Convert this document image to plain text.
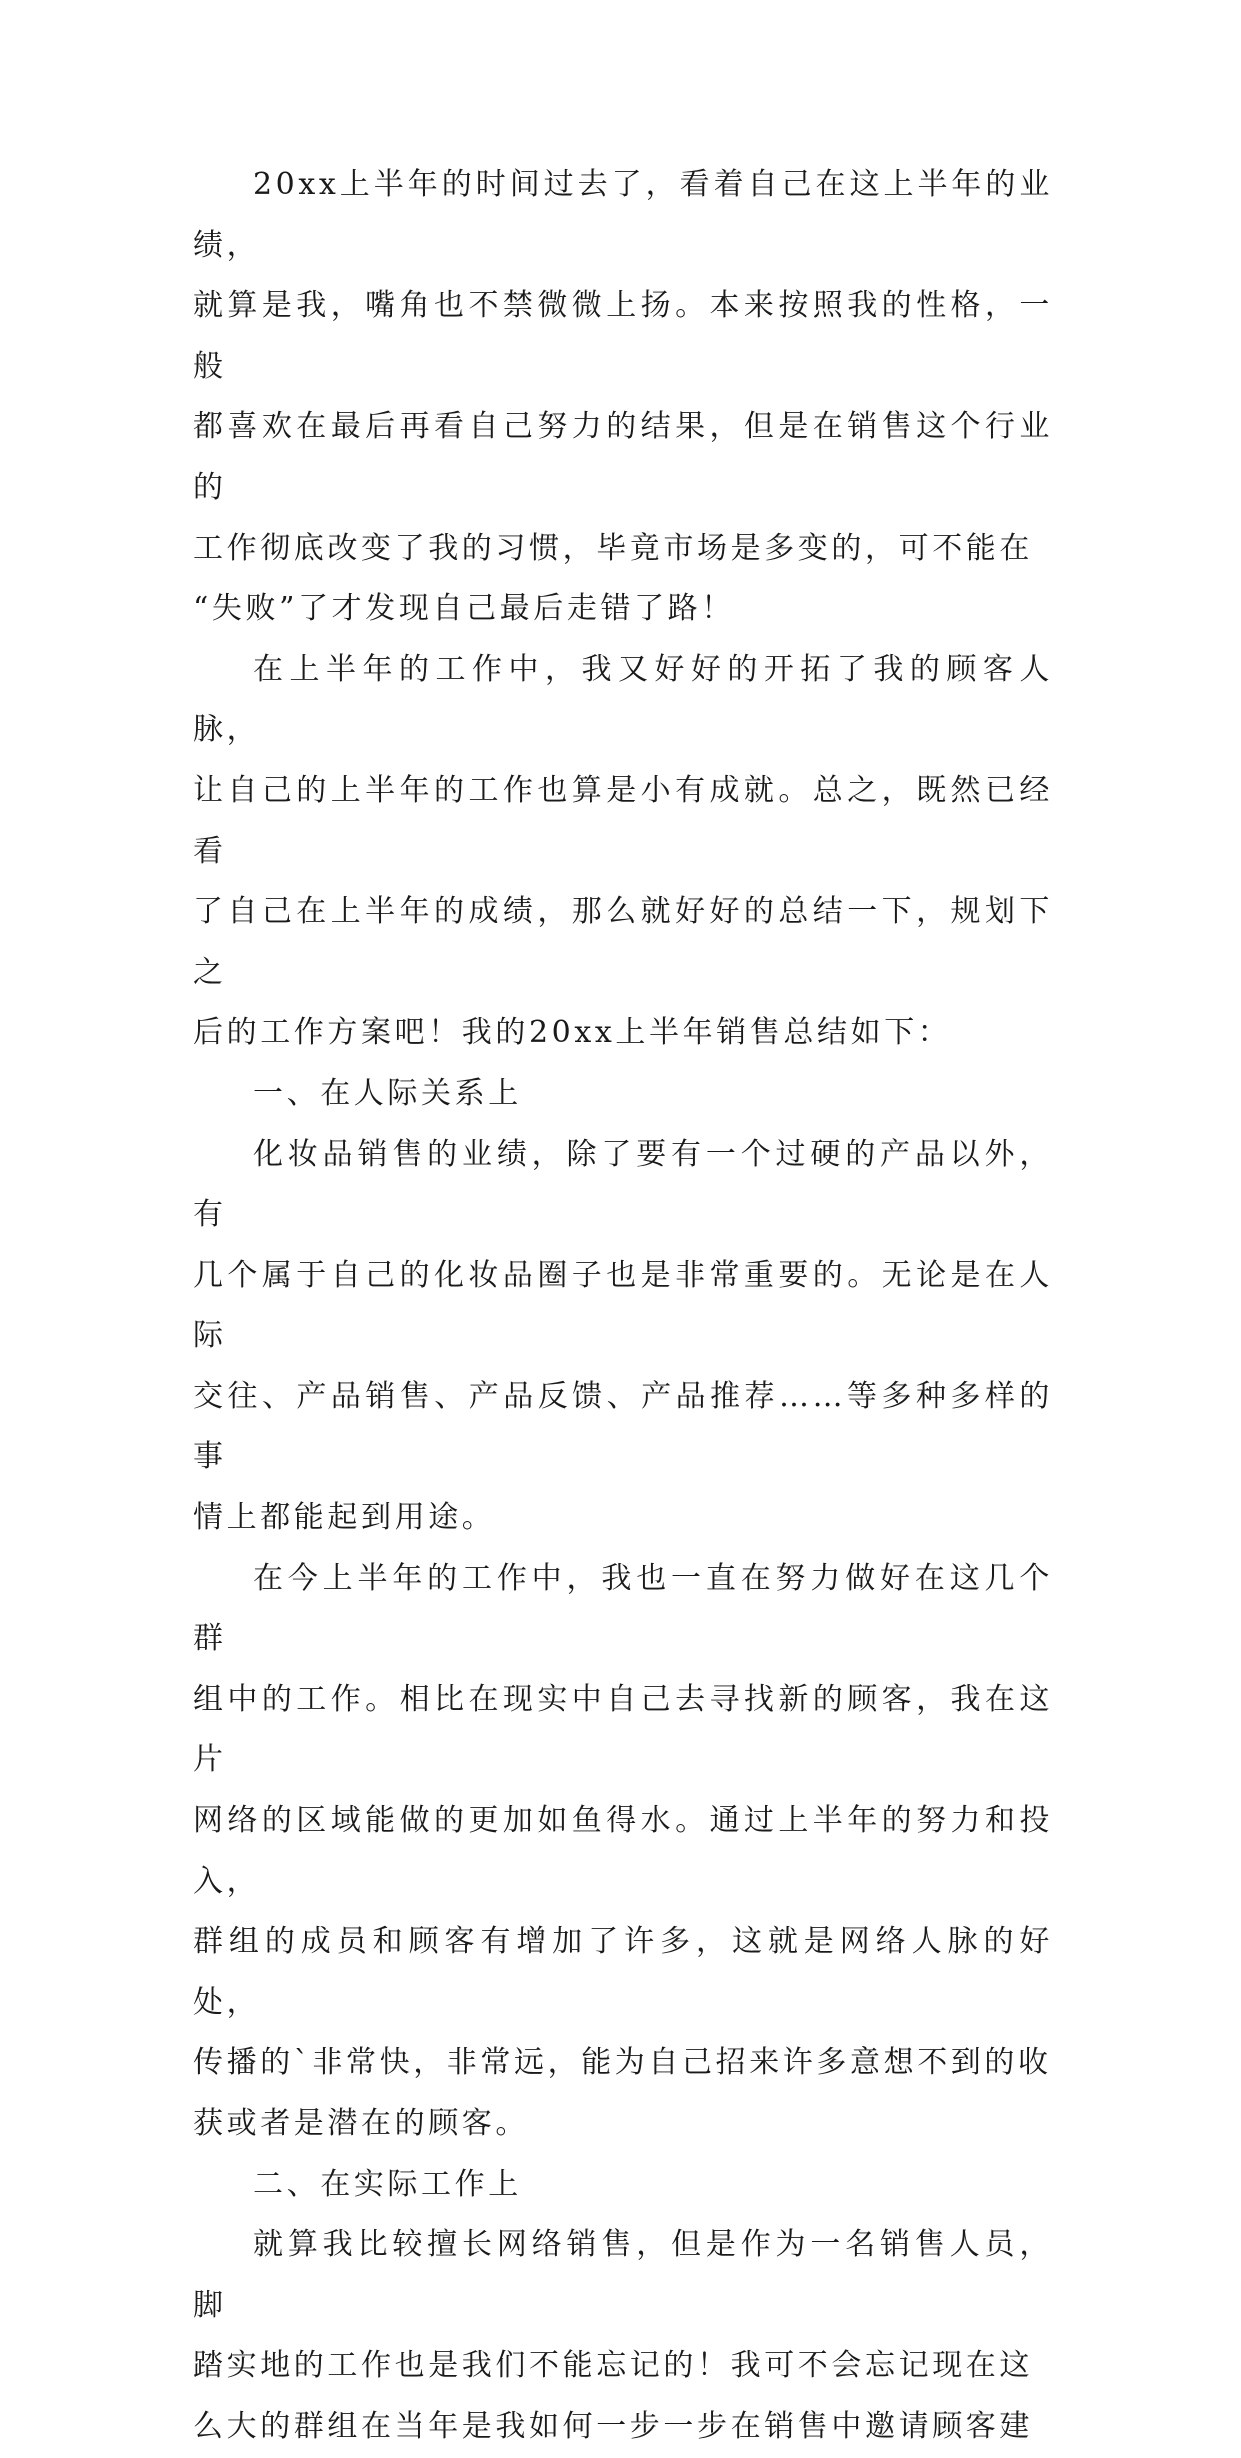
20xx上半年的时间过去了，看着自己在这上半年的业绩，
就算是我，嘴角也不禁微微上扬。本来按照我的性格，一般
都喜欢在最后再看自己努力的结果，但是在销售这个行业的
工作彻底改变了我的习惯，毕竟市场是多变的，可不能在
“失败”了才发现自己最后走错了路！

在上半年的工作中，我又好好的开拓了我的顾客人脉，
让自己的上半年的工作也算是小有成就。总之，既然已经看
了自己在上半年的成绩，那么就好好的总结一下，规划下之
后的工作方案吧！我的20xx上半年销售总结如下：

一、在人际关系上

化妆品销售的业绩，除了要有一个过硬的产品以外，有
几个属于自己的化妆品圈子也是非常重要的。无论是在人际
交往、产品销售、产品反馈、产品推荐……等多种多样的事
情上都能起到用途。

在今上半年的工作中，我也一直在努力做好在这几个群
组中的工作。相比在现实中自己去寻找新的顾客，我在这片
网络的区域能做的更加如鱼得水。通过上半年的努力和投入，
群组的成员和顾客有增加了许多，这就是网络人脉的好处，
传播的`非常快，非常远，能为自己招来许多意想不到的收
获或者是潜在的顾客。

二、在实际工作上

就算我比较擅长网络销售，但是作为一名销售人员，脚
踏实地的工作也是我们不能忘记的！我可不会忘记现在这
么大的群组在当年是我如何一步一步在销售中邀请顾客建
